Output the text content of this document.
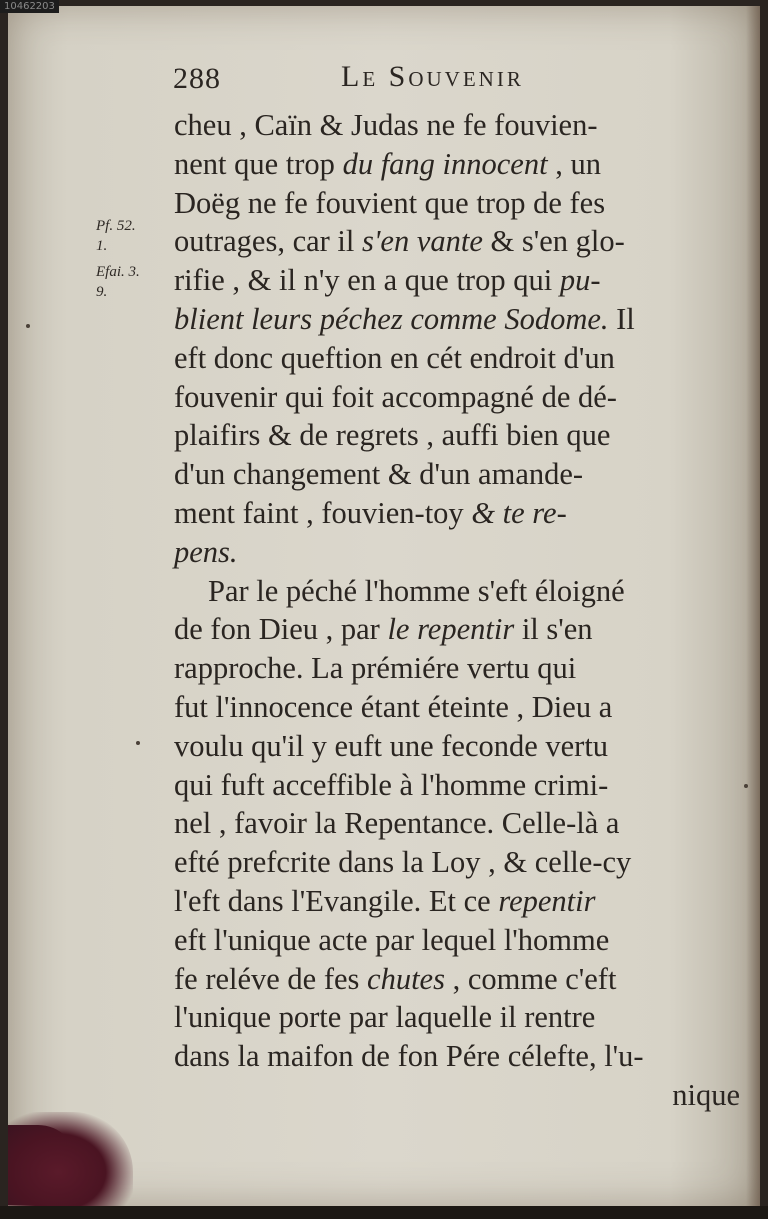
288	Le Souvenir
Pf. 52.
1.
Efai. 3.
9.
cheu , Caïn & Judas ne fe fouvien-
nent que trop du fang innocent , un
Doëg ne fe fouvient que trop de fes
outrages, car il s'en vante & s'en glo-
rifie , & il n'y en a que trop qui pu-
blient leurs péchez comme Sodome. Il
eft donc queftion en cét endroit d'un
fouvenir qui foit accompagné de dé-
plaifirs & de regrets , auffi bien que
d'un changement & d'un amande-
ment faint , fouvien-toy & te re-
pens.
Par le péché l'homme s'eft éloigné
de fon Dieu , par le repentir il s'en
rapproche. La prémiére vertu qui
fut l'innocence étant éteinte , Dieu a
voulu qu'il y euft une feconde vertu
qui fuft acceffible à l'homme crimi-
nel , favoir la Repentance. Celle-là a
efté prefcrite dans la Loy , & celle-cy
l'eft dans l'Evangile. Et ce repentir
eft l'unique acte par lequel l'homme
fe reléve de fes chutes , comme c'eft
l'unique porte par laquelle il rentre
dans la maifon de fon Pére célefte, l'u-
nique
10462203
